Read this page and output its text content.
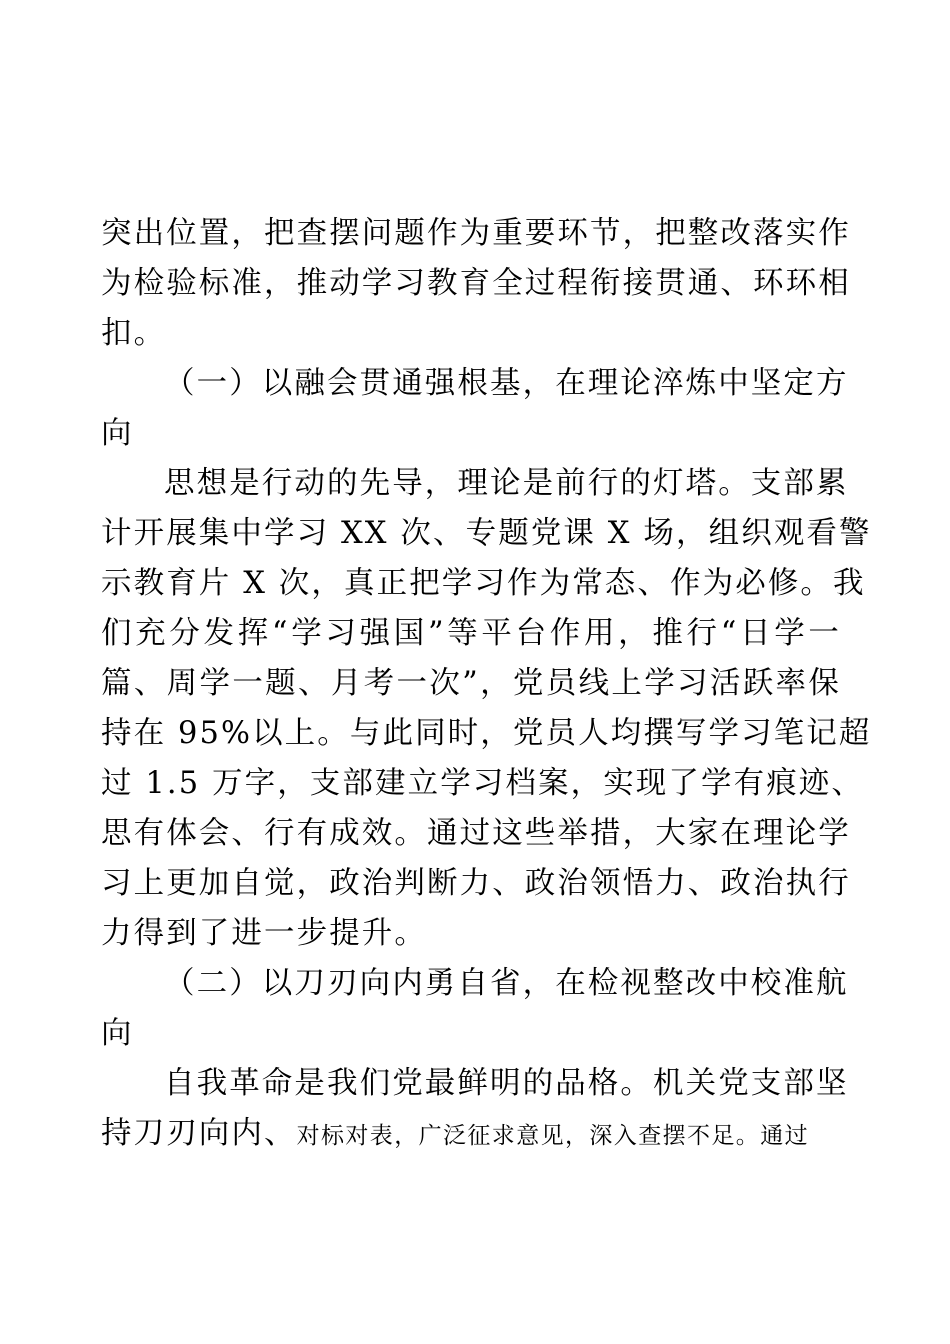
突出位置，把查摆问题作为重要环节，把整改落实作
为检验标准，推动学习教育全过程衔接贯通、环环相
扣。
（一）以融会贯通强根基，在理论淬炼中坚定方
向
思想是行动的先导，理论是前行的灯塔。支部累
计开展集中学习 XX 次、专题党课 X 场，组织观看警
示教育片 X 次，真正把学习作为常态、作为必修。我
们充分发挥“学习强国”等平台作用，推行“日学一
篇、周学一题、月考一次”，党员线上学习活跃率保
持在 95%以上。与此同时，党员人均撰写学习笔记超
过 1.5 万字，支部建立学习档案，实现了学有痕迹、
思有体会、行有成效。通过这些举措，大家在理论学
习上更加自觉，政治判断力、政治领悟力、政治执行
力得到了进一步提升。
（二）以刀刃向内勇自省，在检视整改中校准航
向
自我革命是我们党最鲜明的品格。机关党支部坚
持刀刃向内、对标对表，广泛征求意见，深入查摆不足。通过
